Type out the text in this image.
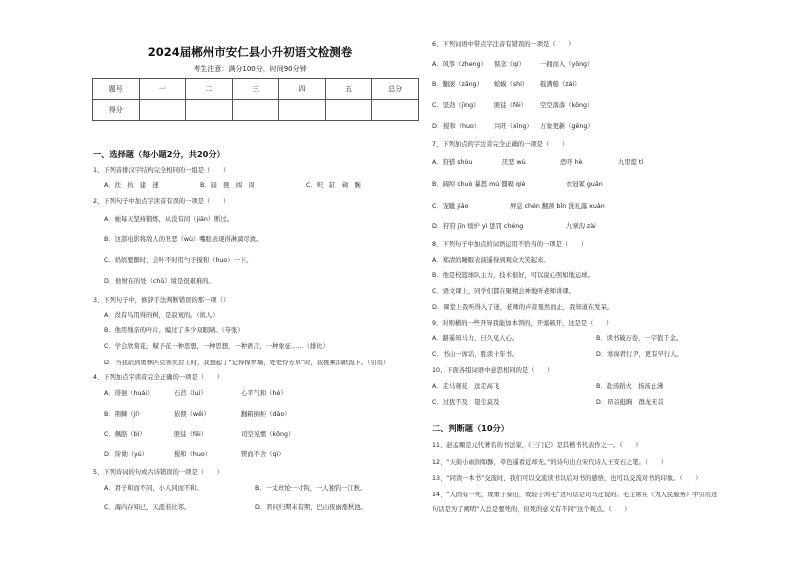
2024届郴州市安仁县小升初语文检测卷
考生注意：满分100分，时间90分钟
题号	一	二	三	四	五	总分
得分						
一、选择题（每小题2分，共20分）
1、下列音排汉字结构完全相同的一组是（　　）
A．扶　执　建　速	B．届　匪　闯　闵	C．呎　缸　剃　腕
2、下列句子中加点字读音有误的一项是（　　）
A．她每天坚持锻炼，从没有间（jiān）断过。
B．这部电影将敌人的丑恶（wù）嘴脸表现得淋漓尽致。
C．妈妈要醉时，会叶不时用勺子搅和（huo）一下。
D．他财在的处（chǔ）境是很艰难的。
3、下列句子中，修辞手法判断错误的那一项（）
A．没有鸟用得的树，是寂寞的。（拟人）
B．他用残亲的叶片，编过了多少双眼睛。（夸张）
C．学会欣赏花，赋予花一种思想，一种思想，一种语言，一种象征……（排比）
D．当我站到奥林匹克领奖台上时，我想起了“记得撑罗墙，处处怜芳草”时，我挑乘泪眶流下。（引用）
4、下列加点字读音完全正确的一项是（　　）
A．徘徊（huái）	石苣（luì）	心平气和（hé）
B．荆棘（jí）	依偎（wēi）	翻箱倒柜（dǎo）
C．佩胳（bì）	匪徒（fěi）	司空见惯（kōng）
D．阶勋（yú）	搅和（huo）	锲而不舍（qì）
5、下列诗词的句或古诗错误的一项是（　　）
A．君子和而不同，小人同而不和。	B．一丈丝纶一寸钩，一人独钓一江秋。
C．海内存知已，天涯若比邻。	D．君问归期未有期，巴山夜雨涨秋池。
6、下列词语中带点字注音有错误的一项是（　　）
A．风筝（zheng） 惦念（qí） 一拥而入（yōng）
B．翻滚（zǎng） 蛤蟆（shí） 载满船（zài）
C．坚劲（jìng） 匪徒（fěi） 空空落落（kōng）
D．搅和（huo） 兴旺（xīng） 万象更新（gēng）
7、下列加点的字注音完全正确的一项是（　　）
A．狩猎 shòu	厌恶 wù	恐吓 hè	九里提 tí
B．阔绰 chuò 暴怒 mú 僵嗝 qiè	衣冠冢 guān
C．宠眦 jiāo	屏息 chén 翻颈 bǐn 洗礼露 xuàn
D．狩狩 jīn 烦炉 yì 惩罚 chéng	九寨沟 zài
8、下列句子中加点的词语运用不恰当的一项是（　　）
A．郑清的睡眠表演遥得到观众大笑起来。
B．他是校篮球队主力，技术很好，可以说心照如地运球。
C．语文课上，同学们都在聚精会神地听老师讲课。
D．课堂上我听得入了迷，老师的声音戛然而止，我知道在发呆。
9、对则横的一些开导我能加本领的，开塞顿开，这是是（　　）
A．路遥知马力，日久见人心。	B．读书破万卷，一字值千金。
C．书山一席话，胜读十年书。	D．寒窗君行尹，更有早行人。
10、下面各组词语中意思相同的是（　　）
A．走马观花　远走高飞	B．赴汤蹈火　扬汤止沸
C．过犹不及　望尘莫及	D．昂首挺胸　群龙无首
二、判断题（10分）
11、赵孟頫是元代著名的书法家，《三门记》是其楷书代表作之一。（　　）
12、“天街小雨润如酥，草色遥看近却无。”的诗句出自宋代诗人王安石之笔。（　　）
13、“同读一本书”交流时，我们可以交流读书以后对书的感悟，也可以交流对书的印象。（　　）
14、“人固有一死，或重于泰山，或轻于鸿毛”这句话是司马迁说的。毛主席在《为人民服务》中引用这
句话是为了阐明“人总是要死的，但死的意义有不同”这个观点。（　　）
